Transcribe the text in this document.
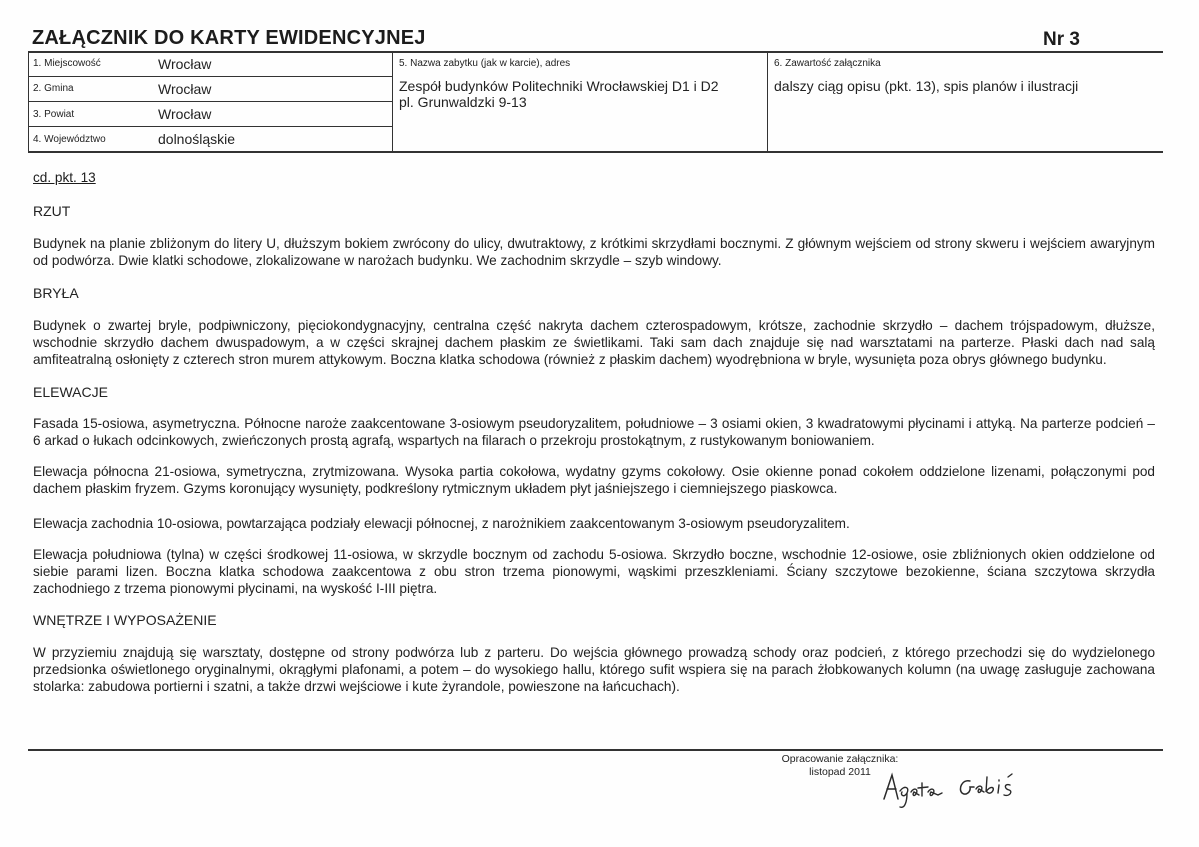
ZAŁĄCZNIK DO KARTY EWIDENCYJNEJ	Nr 3
1. Miejscowość	Wrocław
2. Gmina	Wrocław
3. Powiat	Wrocław
4. Województwo	dolnośląskie
5. Nazwa zabytku (jak w karcie), adres
Zespół budynków Politechniki Wrocławskiej D1 i D2
pl. Grunwaldzki 9-13
6. Zawartość załącznika
dalszy ciąg opisu (pkt. 13), spis planów i ilustracji
cd. pkt. 13
RZUT
Budynek na planie zbliżonym do litery U, dłuższym bokiem zwrócony do ulicy, dwutraktowy, z krótkimi skrzydłami bocznymi. Z głównym wejściem od strony skweru i wejściem awaryjnym od podwórza. Dwie klatki schodowe, zlokalizowane w narożach budynku. We zachodnim skrzydle – szyb windowy.
BRYŁA
Budynek o zwartej bryle, podpiwniczony, pięciokondygnacyjny, centralna część nakryta dachem czterospadowym, krótsze, zachodnie skrzydło – dachem trójspadowym, dłuższe, wschodnie skrzydło dachem dwuspadowym, a w części skrajnej dachem płaskim ze świetlikami. Taki sam dach znajduje się nad warsztatami na parterze. Płaski dach nad salą amfiteatralną osłonięty z czterech stron murem attykowym. Boczna klatka schodowa (również z płaskim dachem) wyodrębniona w bryle, wysunięta poza obrys głównego budynku.
ELEWACJE
Fasada 15-osiowa, asymetryczna. Północne naroże zaakcentowane 3-osiowym pseudoryzalitem, południowe – 3 osiami okien, 3 kwadratowymi płycinami i attyką. Na parterze podcień – 6 arkad o łukach odcinkowych, zwieńczonych prostą agrafą, wspartych na filarach o przekroju prostokątnym, z rustykowanym boniowaniem.
Elewacja północna 21-osiowa, symetryczna, zrytmizowana. Wysoka partia cokołowa, wydatny gzyms cokołowy. Osie okienne ponad cokołem oddzielone lizenami, połączonymi pod dachem płaskim fryzem. Gzyms koronujący wysunięty, podkreślony rytmicznym układem płyt jaśniejszego i ciemniejszego piaskowca.
Elewacja zachodnia 10-osiowa, powtarzająca podziały elewacji północnej, z narożnikiem zaakcentowanym 3-osiowym pseudoryzalitem.
Elewacja południowa (tylna) w części środkowej 11-osiowa, w skrzydle bocznym od zachodu 5-osiowa. Skrzydło boczne, wschodnie 12-osiowe, osie zbliźnionych okien oddzielone od siebie parami lizen. Boczna klatka schodowa zaakcentowa z obu stron trzema pionowymi, wąskimi przeszkleniami. Ściany szczytowe bezokienne, ściana szczytowa skrzydła zachodniego z trzema pionowymi płycinami, na wyskość I-III piętra.
WNĘTRZE I WYPOSAŻENIE
W przyziemiu znajdują się warsztaty, dostępne od strony podwórza lub z parteru. Do wejścia głównego prowadzą schody oraz podcień, z którego przechodzi się do wydzielonego przedsionka oświetlonego oryginalnymi, okrągłymi plafonami, a potem – do wysokiego hallu, którego sufit wspiera się na parach żłobkowanych kolumn (na uwagę zasługuje zachowana stolarka: zabudowa portierni i szatni, a także drzwi wejściowe i kute żyrandole, powieszone na łańcuchach).
Opracowanie załącznika:
listopad 2011
